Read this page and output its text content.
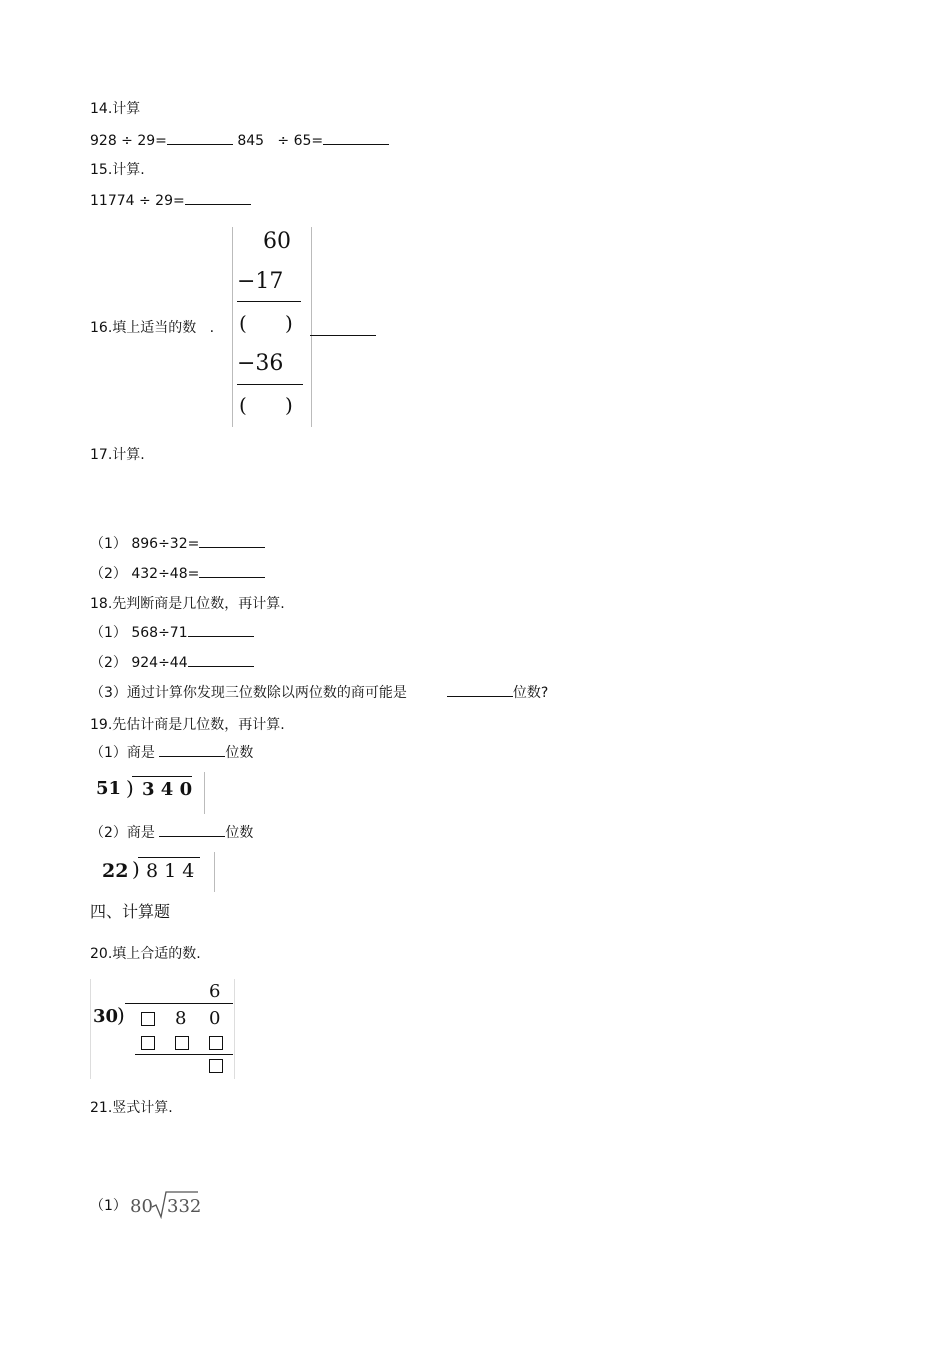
14.计算
928 ÷ 29=	845   ÷ 65=
15.计算.
11774 ÷ 29=
16.填上适当的数   .
60
−17
(      )
−36
(      )
17.计算.
（1） 896÷32=
（2） 432÷48=
18.先判断商是几位数，再计算.
（1） 568÷71
（2） 924÷44
（3）通过计算你发现三位数除以两位数的商可能是	位数?
19.先估计商是几位数，再计算.
（1）商是	位数
51 ) 3 4 0
（2）商是	位数
22 ) 8 1 4
四、计算题
20.填上合适的数.
6
30
)	8 0
21.竖式计算.
（1） 80 332
